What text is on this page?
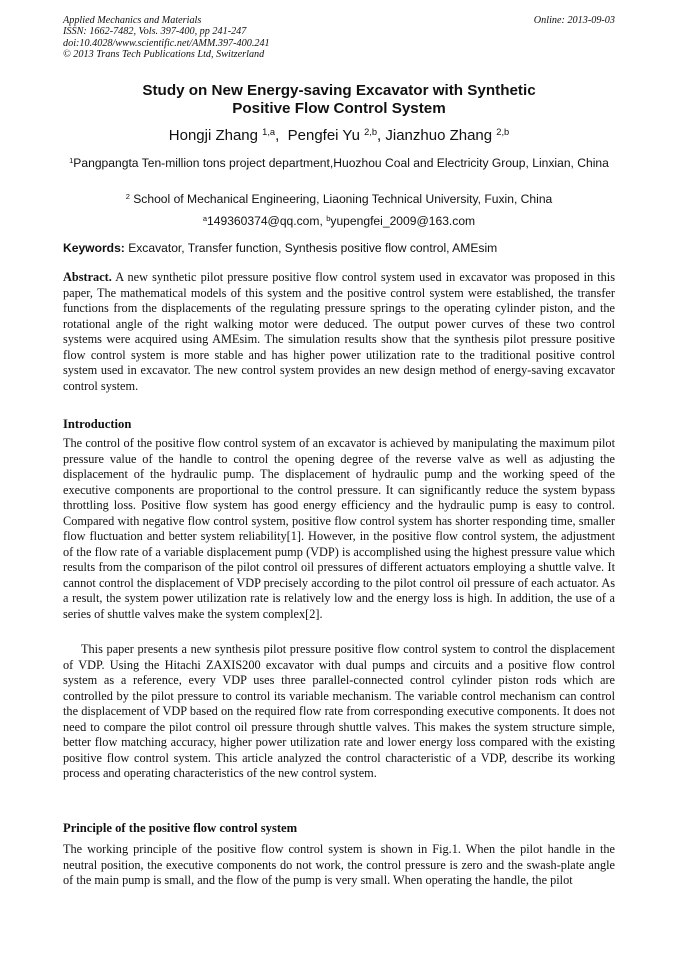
Applied Mechanics and Materials
ISSN: 1662-7482, Vols. 397-400, pp 241-247
doi:10.4028/www.scientific.net/AMM.397-400.241
© 2013 Trans Tech Publications Ltd, Switzerland
Online: 2013-09-03
Study on New Energy-saving Excavator with Synthetic
Positive Flow Control System
Hongji Zhang $^{1,a}$,  Pengfei Yu $^{2,b}$, Jianzhuo Zhang $^{2,b}$
$^1$Pangpangta Ten-million tons project department,Huozhou Coal and Electricity Group, Linxian, China
$^2$ School of Mechanical Engineering, Liaoning Technical University, Fuxin, China
$^a$149360374@qq.com, $^b$yupengfei_2009@163.com
Keywords: Excavator, Transfer function, Synthesis positive flow control, AMEsim

Abstract. A new synthetic pilot pressure positive flow control system used in excavator was proposed in this paper, The mathematical models of this system and the positive control system were established, the transfer functions from the displacements of the regulating pressure springs to the operating cylinder piston, and the rotational angle of the right walking motor were deduced. The output power curves of these two control systems were acquired using AMEsim. The simulation results show that the synthesis pilot pressure positive flow control system is more stable and has higher power utilization rate to the traditional positive control system used in excavator. The new control system provides an new design method of energy-saving excavator control system.

Introduction

The control of the positive flow control system of an excavator is achieved by manipulating the maximum pilot pressure value of the handle to control the opening degree of the reverse valve as well as adjusting the displacement of the hydraulic pump. The displacement of hydraulic pump and the working speed of the executive components are proportional to the control pressure. It can significantly reduce the system bypass throttling loss. Positive flow system has good energy efficiency and the hydraulic pump is easy to control. Compared with negative flow control system, positive flow control system has shorter responding time, smaller flow fluctuation and better system reliability[1]. However, in the positive flow control system, the adjustment of the flow rate of a variable displacement pump (VDP) is accomplished using the highest pressure value which results from the comparison of the pilot control oil pressures of different actuators employing a shuttle valve. It cannot control the displacement of VDP precisely according to the pilot control oil pressure of each actuator. As a result, the system power utilization rate is relatively low and the energy loss is high. In addition, the use of a series of shuttle valves make the system complex[2].

This paper presents a new synthesis pilot pressure positive flow control system to control the displacement of VDP. Using the Hitachi ZAXIS200 excavator with dual pumps and circuits and a positive flow control system as a reference, every VDP uses three parallel-connected control cylinder piston rods which are controlled by the pilot pressure to control its variable mechanism. The variable control mechanism can control the displacement of VDP based on the required flow rate from corresponding executive components. It does not need to compare the pilot control oil pressure through shuttle valves. This makes the system structure simple, better flow matching accuracy, higher power utilization rate and lower energy loss compared with the existing positive flow control system. This article analyzed the control characteristic of a VDP, describe its working process and operating characteristics of the new control system.

Principle of the positive flow control system

The working principle of the positive flow control system is shown in Fig.1. When the pilot handle in the neutral position, the executive components do not work, the control pressure is zero and the swash-plate angle of the main pump is small, and the flow of the pump is very small. When operating the handle, the pilot
